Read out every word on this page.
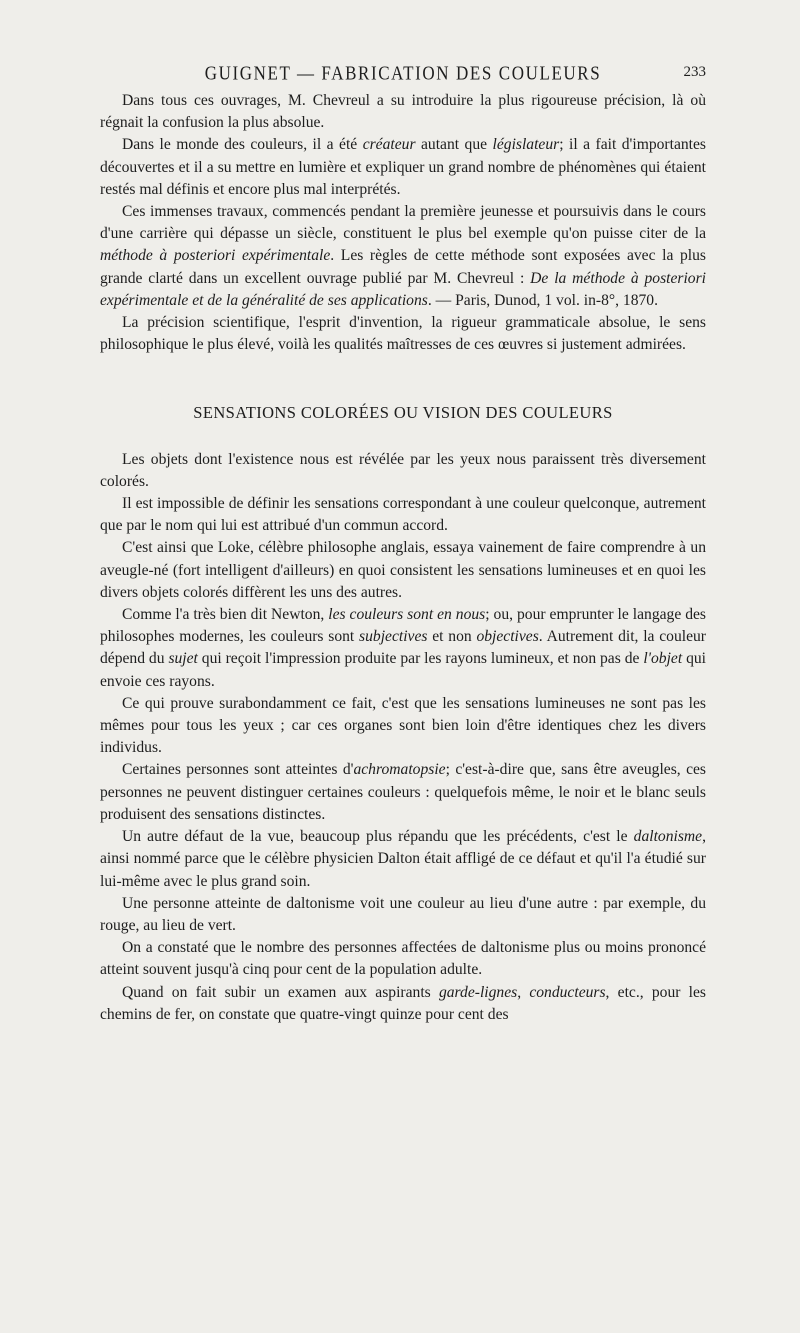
GUIGNET — FABRICATION DES COULEURS	233

Dans tous ces ouvrages, M. Chevreul a su introduire la plus rigoureuse précision, là où régnait la confusion la plus absolue.

Dans le monde des couleurs, il a été créateur autant que législateur; il a fait d'importantes découvertes et il a su mettre en lumière et expliquer un grand nombre de phénomènes qui étaient restés mal définis et encore plus mal interprétés.

Ces immenses travaux, commencés pendant la première jeunesse et poursuivis dans le cours d'une carrière qui dépasse un siècle, constituent le plus bel exemple qu'on puisse citer de la méthode à posteriori expérimentale. Les règles de cette méthode sont exposées avec la plus grande clarté dans un excellent ouvrage publié par M. Chevreul : De la méthode à posteriori expérimentale et de la généralité de ses applications. — Paris, Dunod, 1 vol. in-8°, 1870.

La précision scientifique, l'esprit d'invention, la rigueur grammaticale absolue, le sens philosophique le plus élevé, voilà les qualités maîtresses de ces œuvres si justement admirées.

SENSATIONS COLORÉES OU VISION DES COULEURS

Les objets dont l'existence nous est révélée par les yeux nous paraissent très diversement colorés.

Il est impossible de définir les sensations correspondant à une couleur quelconque, autrement que par le nom qui lui est attribué d'un commun accord.

C'est ainsi que Loke, célèbre philosophe anglais, essaya vainement de faire comprendre à un aveugle-né (fort intelligent d'ailleurs) en quoi consistent les sensations lumineuses et en quoi les divers objets colorés diffèrent les uns des autres.

Comme l'a très bien dit Newton, les couleurs sont en nous; ou, pour emprunter le langage des philosophes modernes, les couleurs sont subjectives et non objectives. Autrement dit, la couleur dépend du sujet qui reçoit l'impression produite par les rayons lumineux, et non pas de l'objet qui envoie ces rayons.

Ce qui prouve surabondamment ce fait, c'est que les sensations lumineuses ne sont pas les mêmes pour tous les yeux ; car ces organes sont bien loin d'être identiques chez les divers individus.

Certaines personnes sont atteintes d'achromatopsie; c'est-à-dire que, sans être aveugles, ces personnes ne peuvent distinguer certaines couleurs : quelquefois même, le noir et le blanc seuls produisent des sensations distinctes.

Un autre défaut de la vue, beaucoup plus répandu que les précédents, c'est le daltonisme, ainsi nommé parce que le célèbre physicien Dalton était affligé de ce défaut et qu'il l'a étudié sur lui-même avec le plus grand soin.

Une personne atteinte de daltonisme voit une couleur au lieu d'une autre : par exemple, du rouge, au lieu de vert.

On a constaté que le nombre des personnes affectées de daltonisme plus ou moins prononcé atteint souvent jusqu'à cinq pour cent de la population adulte.

Quand on fait subir un examen aux aspirants garde-lignes, conducteurs, etc., pour les chemins de fer, on constate que quatre-vingt quinze pour cent des
